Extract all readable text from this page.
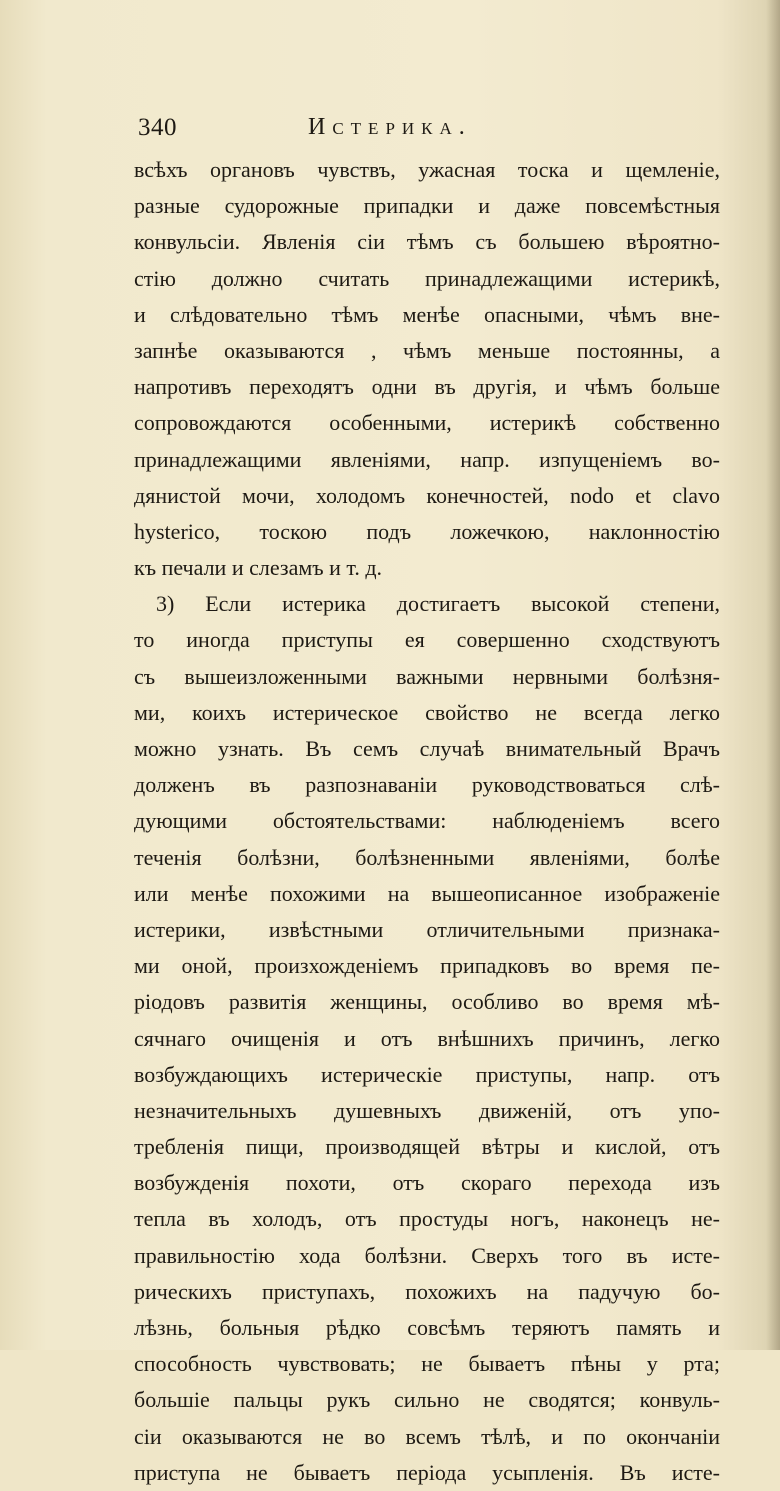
340	Истерика.
всѣхъ органовъ чувствъ, ужасная тоска и щемленіе,
разные судорожные припадки и даже повсемѣстныя
конвульсіи. Явленія сіи тѣмъ съ большею вѣроятно-
стію должно считать принадлежащими истерикѣ,
и слѣдовательно тѣмъ менѣе опасными, чѣмъ вне-
запнѣе оказываются , чѣмъ меньше постоянны, а
напротивъ переходятъ одни въ другія, и чѣмъ больше
сопровождаются особенными, истерикѣ собственно
принадлежащими явленіями, напр. изпущеніемъ во-
дянистой мочи, холодомъ конечностей, nodo et clavo
hysterico, тоскою подъ ложечкою, наклонностію
къ печали и слезамъ и т. д.
3) Если истерика достигаетъ высокой степени,
то иногда приступы ея совершенно сходствуютъ
съ вышеизложенными важными нервными болѣзня-
ми, коихъ истерическое свойство не всегда легко
можно узнать. Въ семъ случаѣ внимательный Врачъ
долженъ въ разпознаваніи руководствоваться слѣ-
дующими обстоятельствами: наблюденіемъ всего
теченія болѣзни, болѣзненными явленіями, болѣе
или менѣе похожими на вышеописанное изображеніе
истерики, извѣстными отличительными признака-
ми оной, произхожденіемъ припадковъ во время пе-
ріодовъ развитія женщины, особливо во время мѣ-
сячнаго очищенія и отъ внѣшнихъ причинъ, легко
возбуждающихъ истерическіе приступы, напр. отъ
незначительныхъ душевныхъ движеній, отъ упо-
требленія пищи, производящей вѣтры и кислой, отъ
возбужденія похоти, отъ скораго перехода изъ
тепла въ холодъ, отъ простуды ногъ, наконецъ не-
правильностію хода болѣзни. Сверхъ того въ исте-
рическихъ приступахъ, похожихъ на падучую бо-
лѣзнь, больныя рѣдко совсѣмъ теряютъ память и
способность чувствовать; не бываетъ пѣны у рта;
большіе пальцы рукъ сильно не сводятся; конвуль-
сіи оказываются не во всемъ тѣлѣ, и по окончаніи
приступа не бываетъ періода усыпленія. Въ исте-
